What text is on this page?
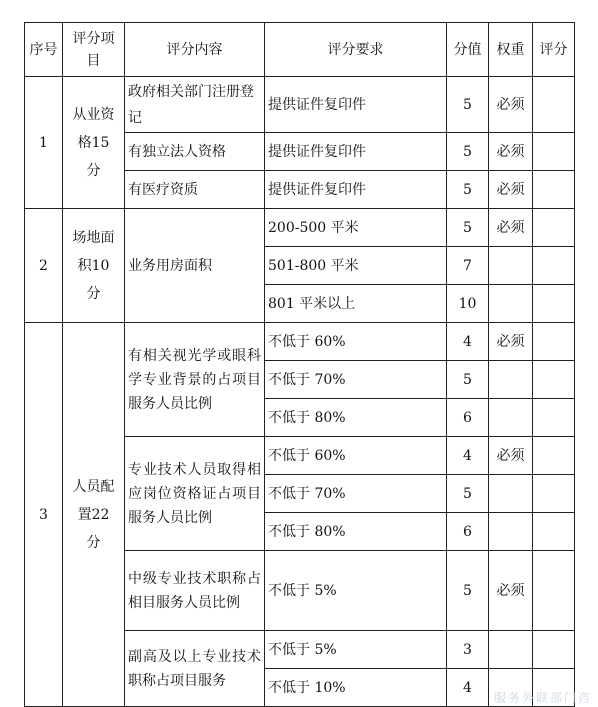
序号	评分项目	评分内容	评分要求	分值	权重	评分
1	从业资格15分	政府相关部门注册登记	提供证件复印件	5	必须	
		有独立法人资格	提供证件复印件	5	必须	
		有医疗资质	提供证件复印件	5	必须	
2	场地面积10分	业务用房面积	200-500 平米	5	必须	
			501-800 平米	7		
			801 平米以上	10		
3	人员配置22分	有相关视光学或眼科学专业背景的占项目服务人员比例	不低于 60%	4	必须	
			不低于 70%	5		
			不低于 80%	6		
		专业技术人员取得相应岗位资格证占项目服务人员比例	不低于 60%	4	必须	
			不低于 70%	5		
			不低于 80%	6		
		中级专业技术职称占相目服务人员比例	不低于 5%	5	必须	
		副高及以上专业技术职称占项目服务	不低于 5%	3		
			不低于 10%	4		
服务外联部门咨
